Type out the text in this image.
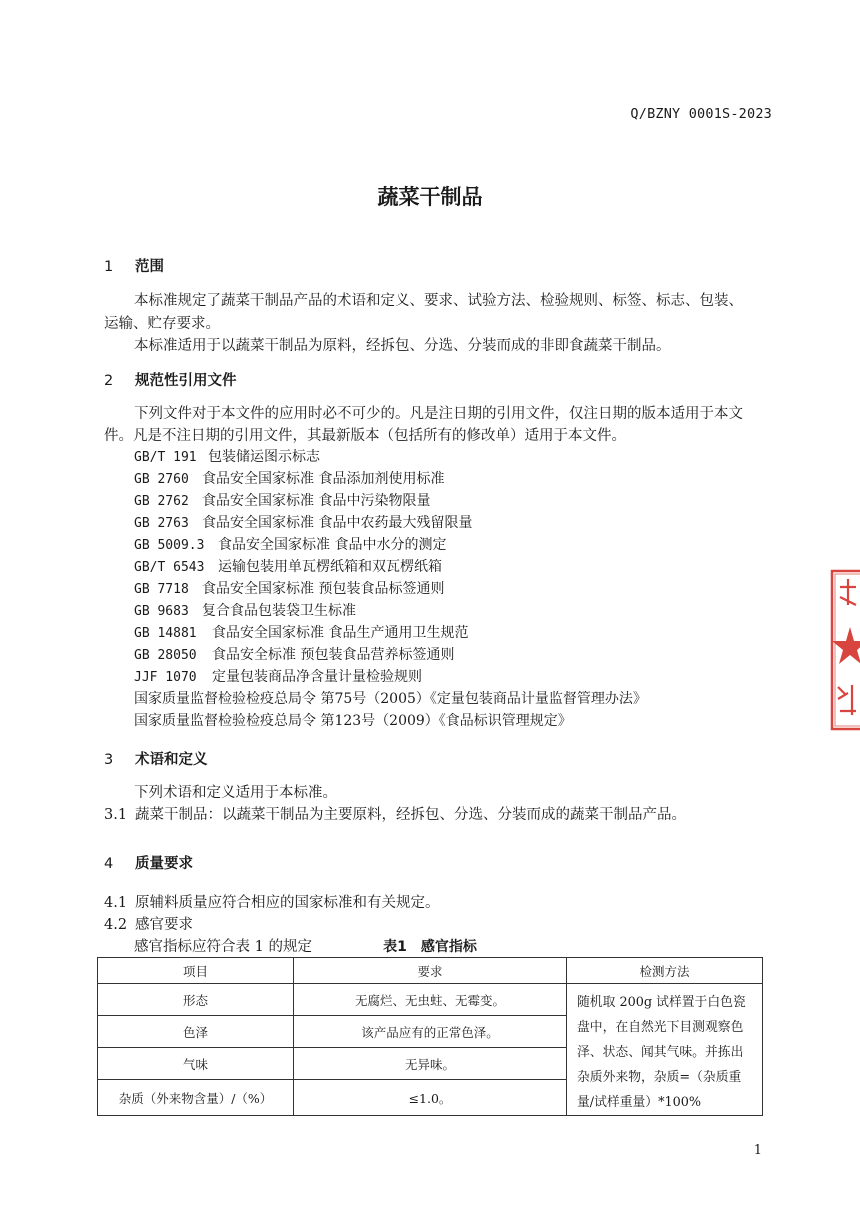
Q/BZNY 0001S-2023
蔬菜干制品
1 范围
本标准规定了蔬菜干制品产品的术语和定义、要求、试验方法、检验规则、标签、标志、包装、
运输、贮存要求。
本标准适用于以蔬菜干制品为原料，经拆包、分选、分装而成的非即食蔬菜干制品。
2 规范性引用文件
下列文件对于本文件的应用时必不可少的。凡是注日期的引用文件，仅注日期的版本适用于本文
件。凡是不注日期的引用文件，其最新版本（包括所有的修改单）适用于本文件。
GB/T 191 包装储运图示标志
GB 2760 食品安全国家标准 食品添加剂使用标准
GB 2762 食品安全国家标准 食品中污染物限量
GB 2763 食品安全国家标准 食品中农药最大残留限量
GB 5009.3 食品安全国家标准 食品中水分的测定
GB/T 6543 运输包装用单瓦楞纸箱和双瓦楞纸箱
GB 7718 食品安全国家标准 预包装食品标签通则
GB 9683 复合食品包装袋卫生标准
GB 14881 食品安全国家标准 食品生产通用卫生规范
GB 28050 食品安全标准 预包装食品营养标签通则
JJF 1070 定量包装商品净含量计量检验规则
国家质量监督检验检疫总局令 第75号（2005）《定量包装商品计量监督管理办法》
国家质量监督检验检疫总局令 第123号（2009）《食品标识管理规定》
3 术语和定义
下列术语和定义适用于本标准。
3.1 蔬菜干制品：以蔬菜干制品为主要原料，经拆包、分选、分装而成的蔬菜干制品产品。
4 质量要求
4.1 原辅料质量应符合相应的国家标准和有关规定。
4.2 感官要求
感官指标应符合表 1 的规定	表1　感官指标
项目	要求	检测方法
形态	无腐烂、无虫蛀、无霉变。	随机取 200g 试样置于白色瓷盘中，在自然光下目测观察色泽、状态、闻其气味。并拣出杂质外来物，杂质=（杂质重量/试样重量）*100%
色泽	该产品应有的正常色泽。	
气味	无异味。	
杂质（外来物含量）/（%）	≤1.0。	
1
